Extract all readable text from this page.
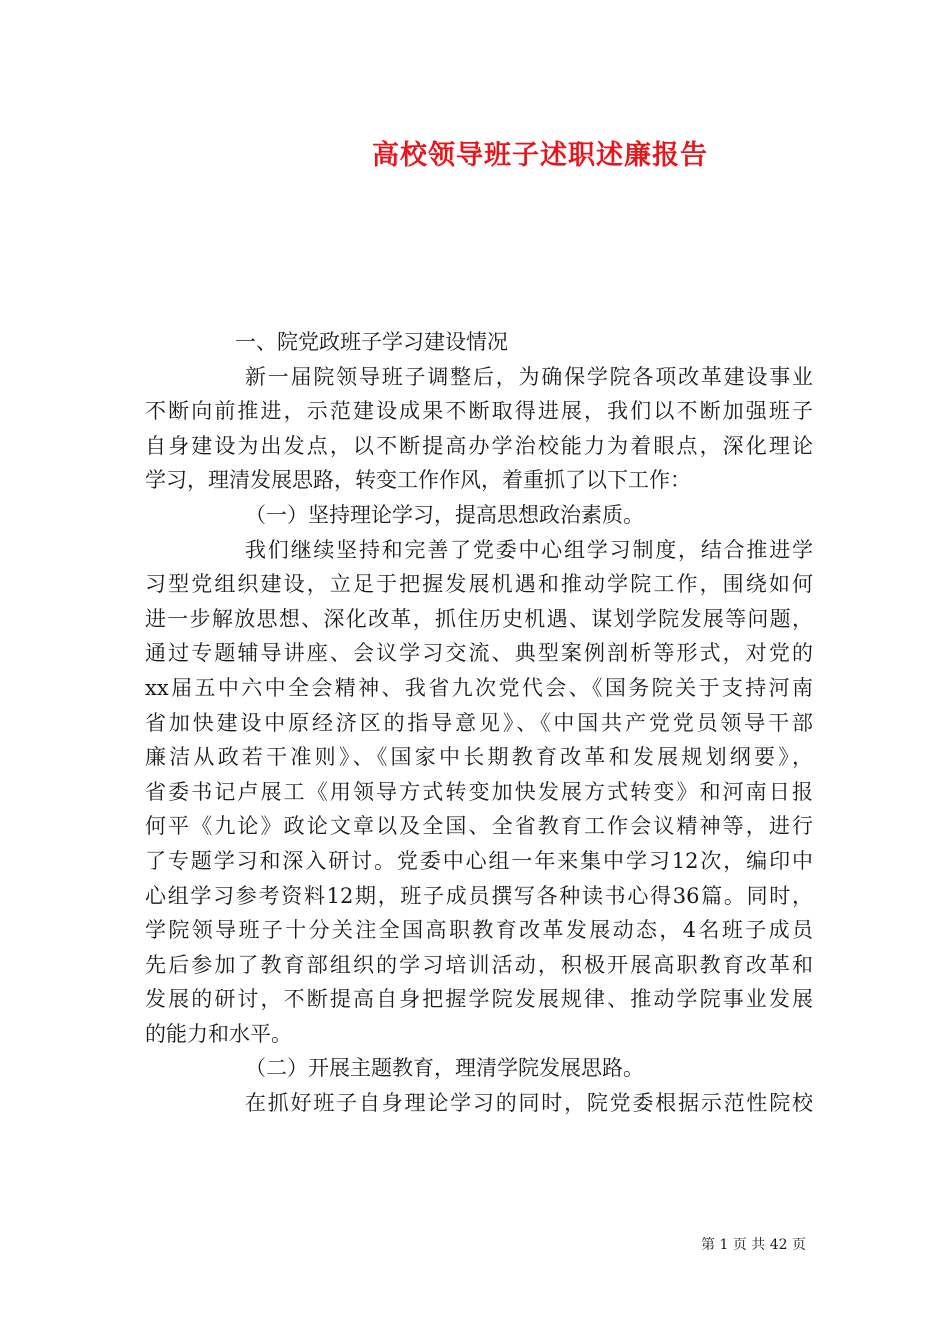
高校领导班子述职述廉报告
一、院党政班子学习建设情况
新一届院领导班子调整后，为确保学院各项改革建设事业
不断向前推进，示范建设成果不断取得进展，我们以不断加强班子
自身建设为出发点，以不断提高办学治校能力为着眼点，深化理论
学习，理清发展思路，转变工作作风，着重抓了以下工作：
（一）坚持理论学习，提高思想政治素质。
我们继续坚持和完善了党委中心组学习制度，结合推进学
习型党组织建设，立足于把握发展机遇和推动学院工作，围绕如何
进一步解放思想、深化改革，抓住历史机遇、谋划学院发展等问题，
通过专题辅导讲座、会议学习交流、典型案例剖析等形式，对党的
xx届五中六中全会精神、我省九次党代会、《国务院关于支持河南
省加快建设中原经济区的指导意见》、《中国共产党党员领导干部
廉洁从政若干准则》、《国家中长期教育改革和发展规划纲要》，
省委书记卢展工《用领导方式转变加快发展方式转变》和河南日报
何平《九论》政论文章以及全国、全省教育工作会议精神等，进行
了专题学习和深入研讨。党委中心组一年来集中学习12次，编印中
心组学习参考资料12期，班子成员撰写各种读书心得36篇。同时，
学院领导班子十分关注全国高职教育改革发展动态，4名班子成员
先后参加了教育部组织的学习培训活动，积极开展高职教育改革和
发展的研讨，不断提高自身把握学院发展规律、推动学院事业发展
的能力和水平。
（二）开展主题教育，理清学院发展思路。
在抓好班子自身理论学习的同时，院党委根据示范性院校
第 1 页 共 42 页
